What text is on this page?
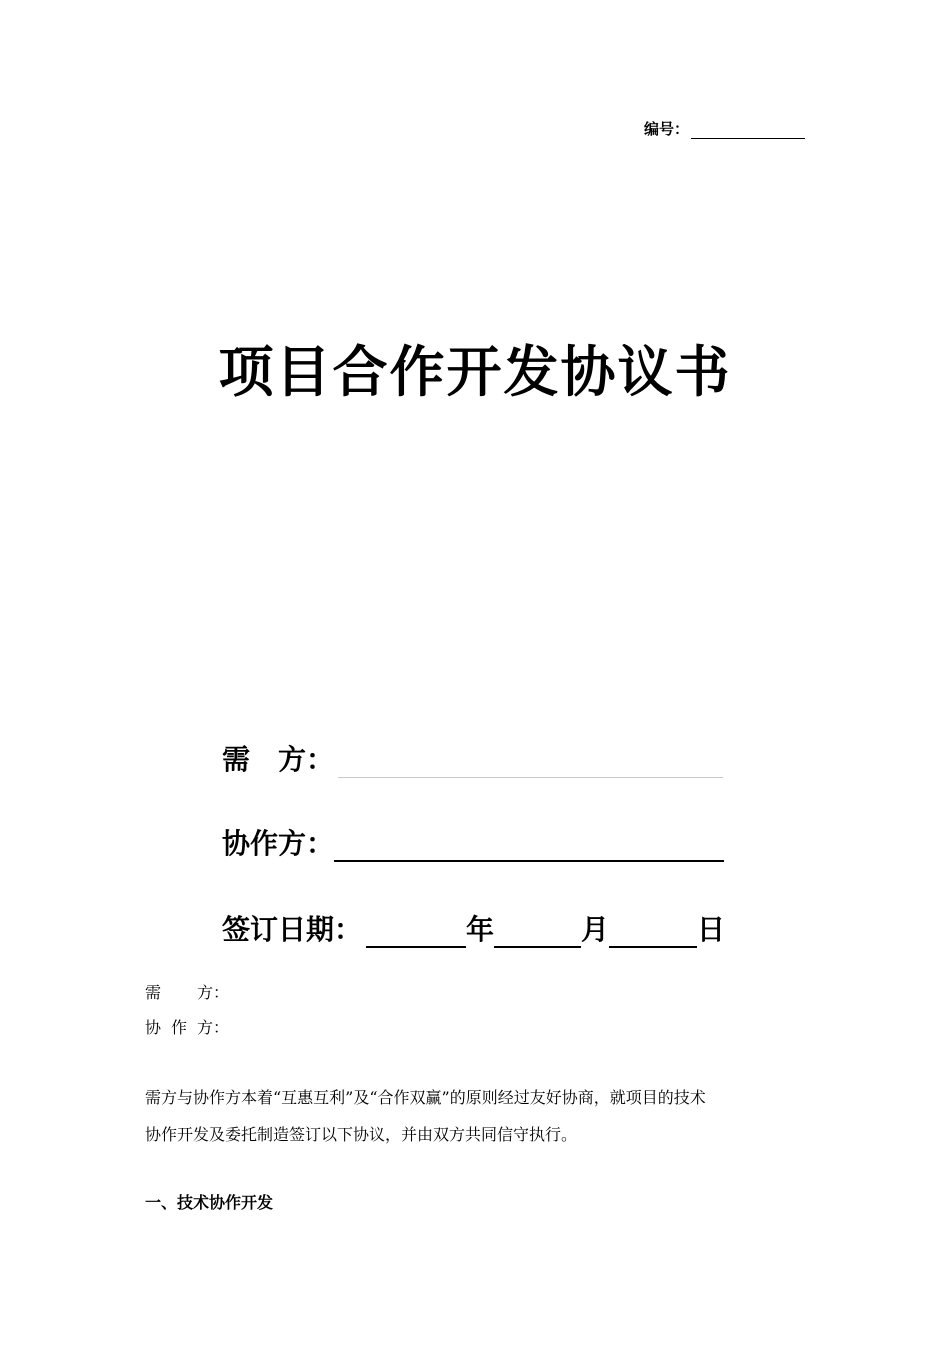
编号：
项目合作开发协议书
需 方：
协作方：
签订日期：	年	月	日
需 方：
协 作 方：
需方与协作方本着“互惠互利”及“合作双赢”的原则经过友好协商，就项目的技术
协作开发及委托制造签订以下协议，并由双方共同信守执行。
一、技术协作开发
